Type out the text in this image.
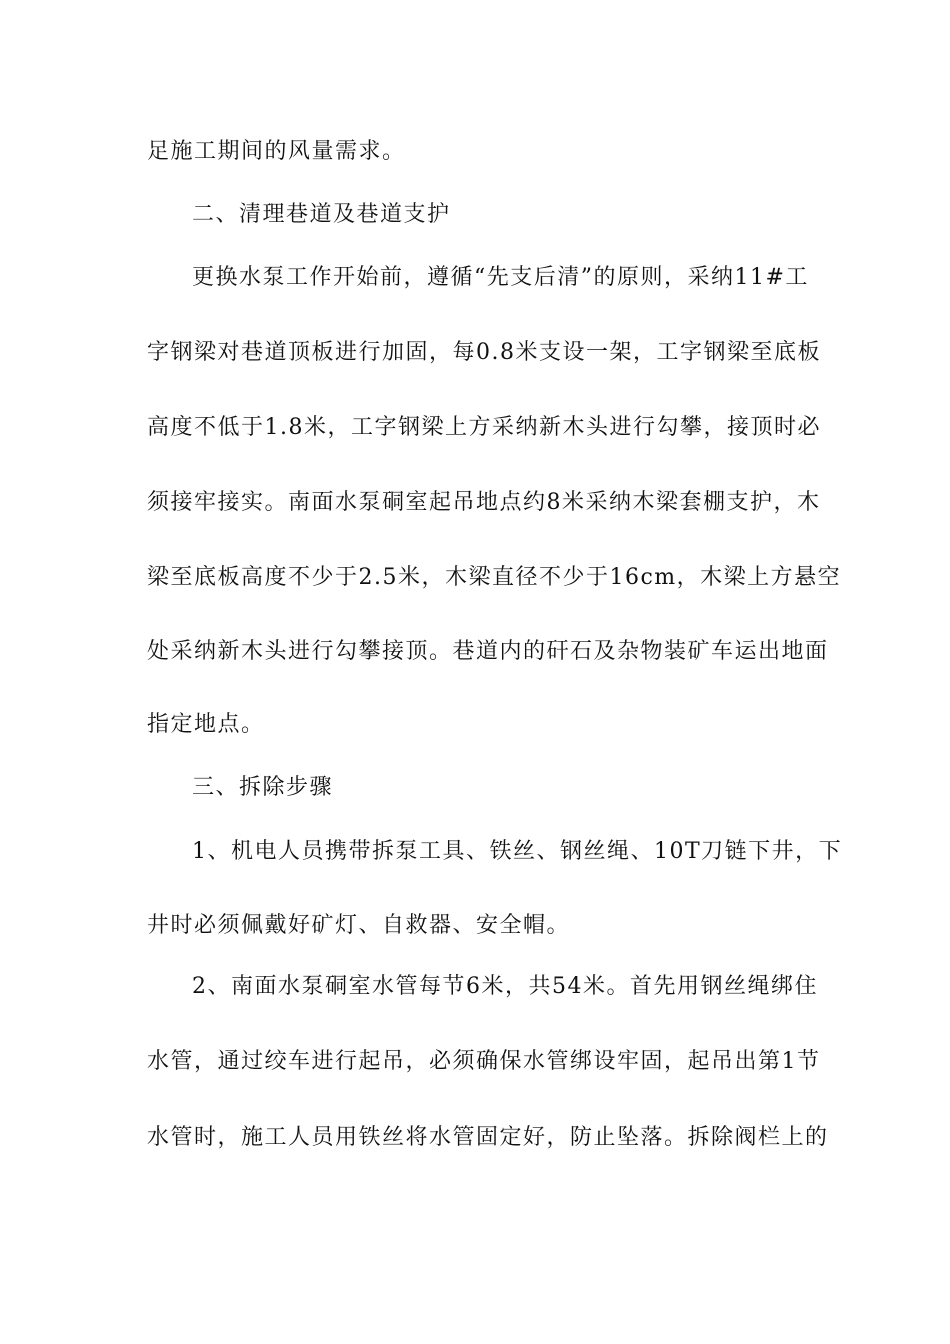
足施工期间的风量需求。
二、清理巷道及巷道支护
更换水泵工作开始前，遵循“先支后清”的原则，采纳11#工
字钢梁对巷道顶板进行加固，每0.8米支设一架，工字钢梁至底板
高度不低于1.8米，工字钢梁上方采纳新木头进行勾攀，接顶时必
须接牢接实。南面水泵硐室起吊地点约8米采纳木梁套棚支护，木
梁至底板高度不少于2.5米，木梁直径不少于16cm，木梁上方悬空
处采纳新木头进行勾攀接顶。巷道内的矸石及杂物装矿车运出地面
指定地点。
三、拆除步骤
1、机电人员携带拆泵工具、铁丝、钢丝绳、10T刀链下井，下
井时必须佩戴好矿灯、自救器、安全帽。
2、南面水泵硐室水管每节6米，共54米。首先用钢丝绳绑住
水管，通过绞车进行起吊，必须确保水管绑设牢固，起吊出第1节
水管时，施工人员用铁丝将水管固定好，防止坠落。拆除阀栏上的
